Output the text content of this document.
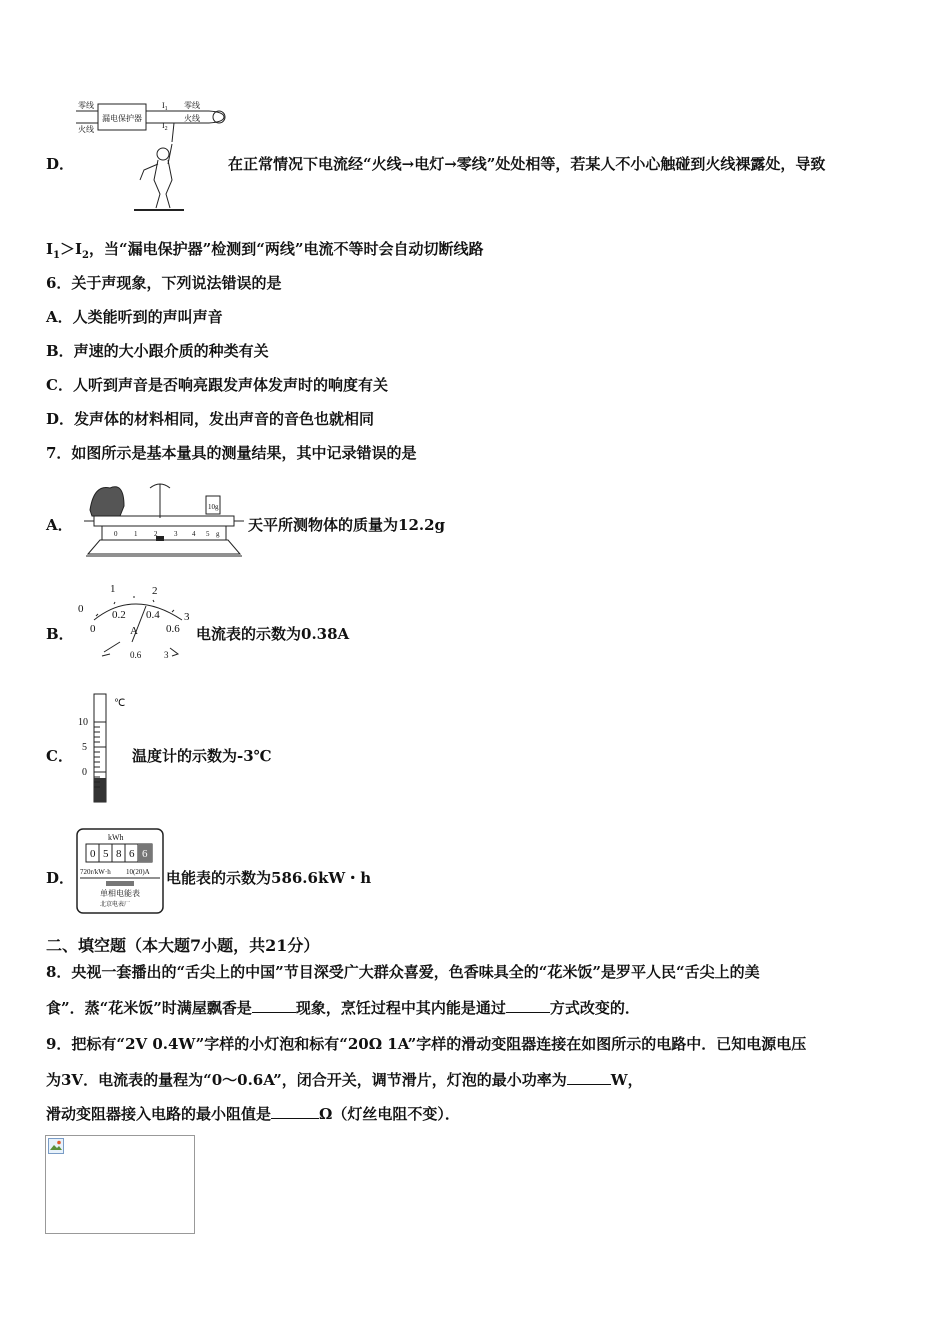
零线
火线
漏电保护器
$I_1$
$I_2$
零线
火线
D．	在正常情况下电流经“火线→电灯→零线”处处相等，若某人不小心触碰到火线裸露处，导致
$I_1>I_2$，当“漏电保护器”检测到“两线”电流不等时会自动切断线路
6．关于声现象，下列说法错误的是
A．人类能听到的声叫声音
B．声速的大小跟介质的种类有关
C．人听到声音是否响亮跟发声体发声时的响度有关
D．发声体的材料相同，发出声音的音色也就相同
7．如图所示是基本量具的测量结果，其中记录错误的是
A．
10g
0 1 2 3 4 5 g 天平所测物体的质量为12.2g
B．
0
1	2
3
0
0.2 0.4
0.6
A
0.6	3
电流表的示数为0.38A
C．
℃
10
5
0
温度计的示数为-3℃
D．
kWh
0 5 8 6 6
720r/kW·h 10(20)A
单相电能表
北京电表厂
电能表的示数为586.6kW・h
二、填空题（本大题7小题，共21分）
8．央视一套播出的“舌尖上的中国”节目深受广大群众喜爱，色香味具全的“花米饭”是罗平人民“舌尖上的美
食”．蒸“花米饭”时满屋飘香是	现象，烹饪过程中其内能是通过	方式改变的．
9．把标有“2V 0.4W”字样的小灯泡和标有“20Ω 1A”字样的滑动变阻器连接在如图所示的电路中．已知电源电压
为3V．电流表的量程为“0～0.6A”，闭合开关，调节滑片，灯泡的最小功率为	W，
滑动变阻器接入电路的最小阻值是	Ω（灯丝电阻不变）．
